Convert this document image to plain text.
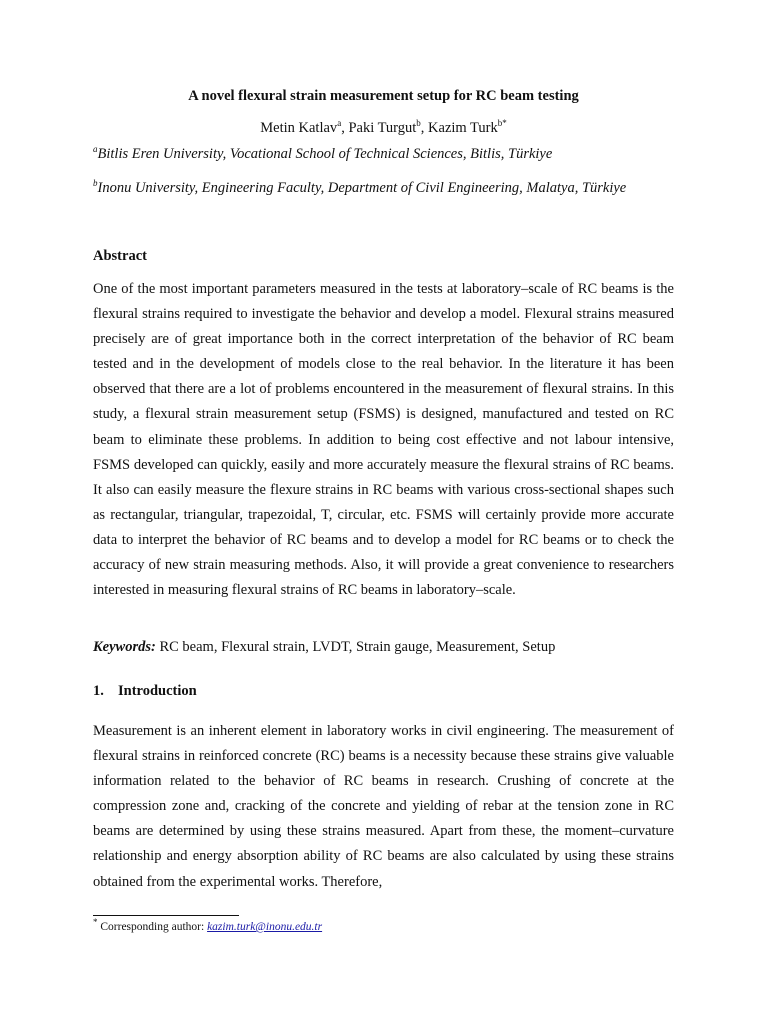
A novel flexural strain measurement setup for RC beam testing
Metin Katlav$^a$, Paki Turgut$^b$, Kazim Turk$^{b*}$
$^a$Bitlis Eren University, Vocational School of Technical Sciences, Bitlis, Türkiye
$^b$Inonu University, Engineering Faculty, Department of Civil Engineering, Malatya, Türkiye
Abstract
One of the most important parameters measured in the tests at laboratory–scale of RC beams is the flexural strains required to investigate the behavior and develop a model. Flexural strains measured precisely are of great importance both in the correct interpretation of the behavior of RC beam tested and in the development of models close to the real behavior. In the literature it has been observed that there are a lot of problems encountered in the measurement of flexural strains. In this study, a flexural strain measurement setup (FSMS) is designed, manufactured and tested on RC beam to eliminate these problems. In addition to being cost effective and not labour intensive, FSMS developed can quickly, easily and more accurately measure the flexural strains of RC beams. It also can easily measure the flexure strains in RC beams with various cross-sectional shapes such as rectangular, triangular, trapezoidal, T, circular, etc. FSMS will certainly provide more accurate data to interpret the behavior of RC beams and to develop a model for RC beams or to check the accuracy of new strain measuring methods. Also, it will provide a great convenience to researchers interested in measuring flexural strains of RC beams in laboratory–scale.
Keywords: RC beam, Flexural strain, LVDT, Strain gauge, Measurement, Setup
1. Introduction
Measurement is an inherent element in laboratory works in civil engineering. The measurement of flexural strains in reinforced concrete (RC) beams is a necessity because these strains give valuable information related to the behavior of RC beams in research. Crushing of concrete at the compression zone and, cracking of the concrete and yielding of rebar at the tension zone in RC beams are determined by using these strains measured. Apart from these, the moment–curvature relationship and energy absorption ability of RC beams are also calculated by using these strains obtained from the experimental works. Therefore,
* Corresponding author: kazim.turk@inonu.edu.tr
